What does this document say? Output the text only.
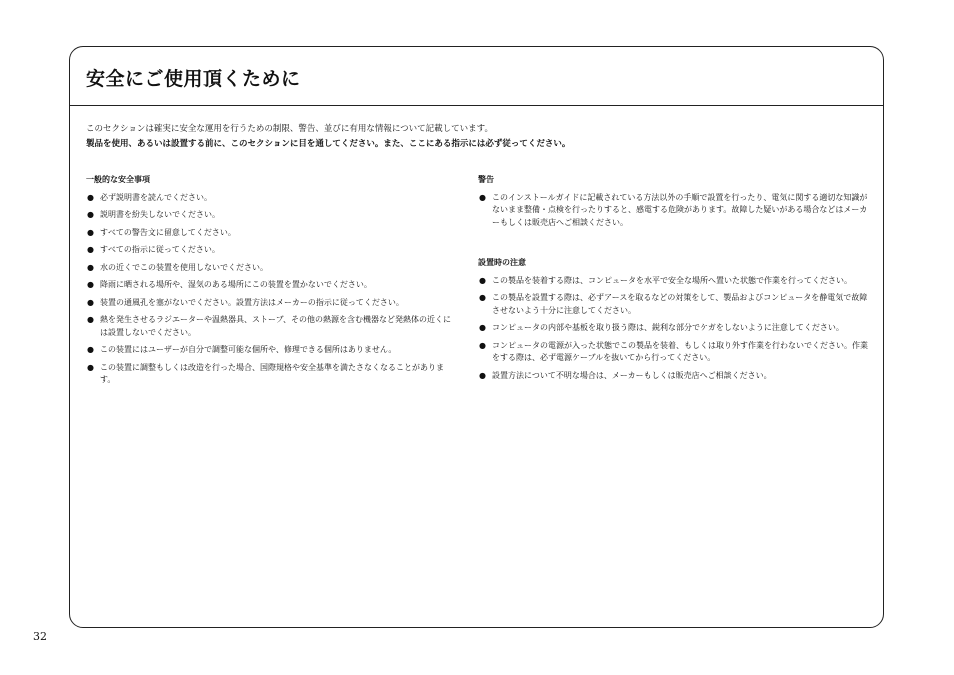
安全にご使用頂くために
このセクションは確実に安全な運用を行うための制限、警告、並びに有用な情報について記載しています。
製品を使用、あるいは設置する前に、このセクションに目を通してください。また、ここにある指示には必ず従ってください。
一般的な安全事項
● 必ず説明書を読んでください。
● 説明書を紛失しないでください。
● すべての警告文に留意してください。
● すべての指示に従ってください。
● 水の近くでこの装置を使用しないでください。
● 降雨に晒される場所や、湿気のある場所にこの装置を置かないでください。
● 装置の通風孔を塞がないでください。設置方法はメーカーの指示に従ってください。
● 熱を発生させるラジエーターや温熱器具、ストーブ、その他の熱源を含む機器など発熱体の近くには設置しないでください。
● この装置にはユーザーが自分で調整可能な個所や、修理できる個所はありません。
● この装置に調整もしくは改造を行った場合、国際規格や安全基準を満たさなくなることがあります。
警告
● このインストールガイドに記載されている方法以外の手順で設置を行ったり、電気に関する適切な知識がないまま整備・点検を行ったりすると、感電する危険があります。故障した疑いがある場合などはメーカーもしくは販売店へご相談ください。
設置時の注意
● この製品を装着する際は、コンピュータを水平で安全な場所へ置いた状態で作業を行ってください。
● この製品を設置する際は、必ずアースを取るなどの対策をして、製品およびコンピュータを静電気で故障させないよう十分に注意してください。
● コンピュータの内部や基板を取り扱う際は、鋭利な部分でケガをしないように注意してください。
● コンピュータの電源が入った状態でこの製品を装着、もしくは取り外す作業を行わないでください。作業をする際は、必ず電源ケーブルを抜いてから行ってください。
● 設置方法について不明な場合は、メーカーもしくは販売店へご相談ください。
32
